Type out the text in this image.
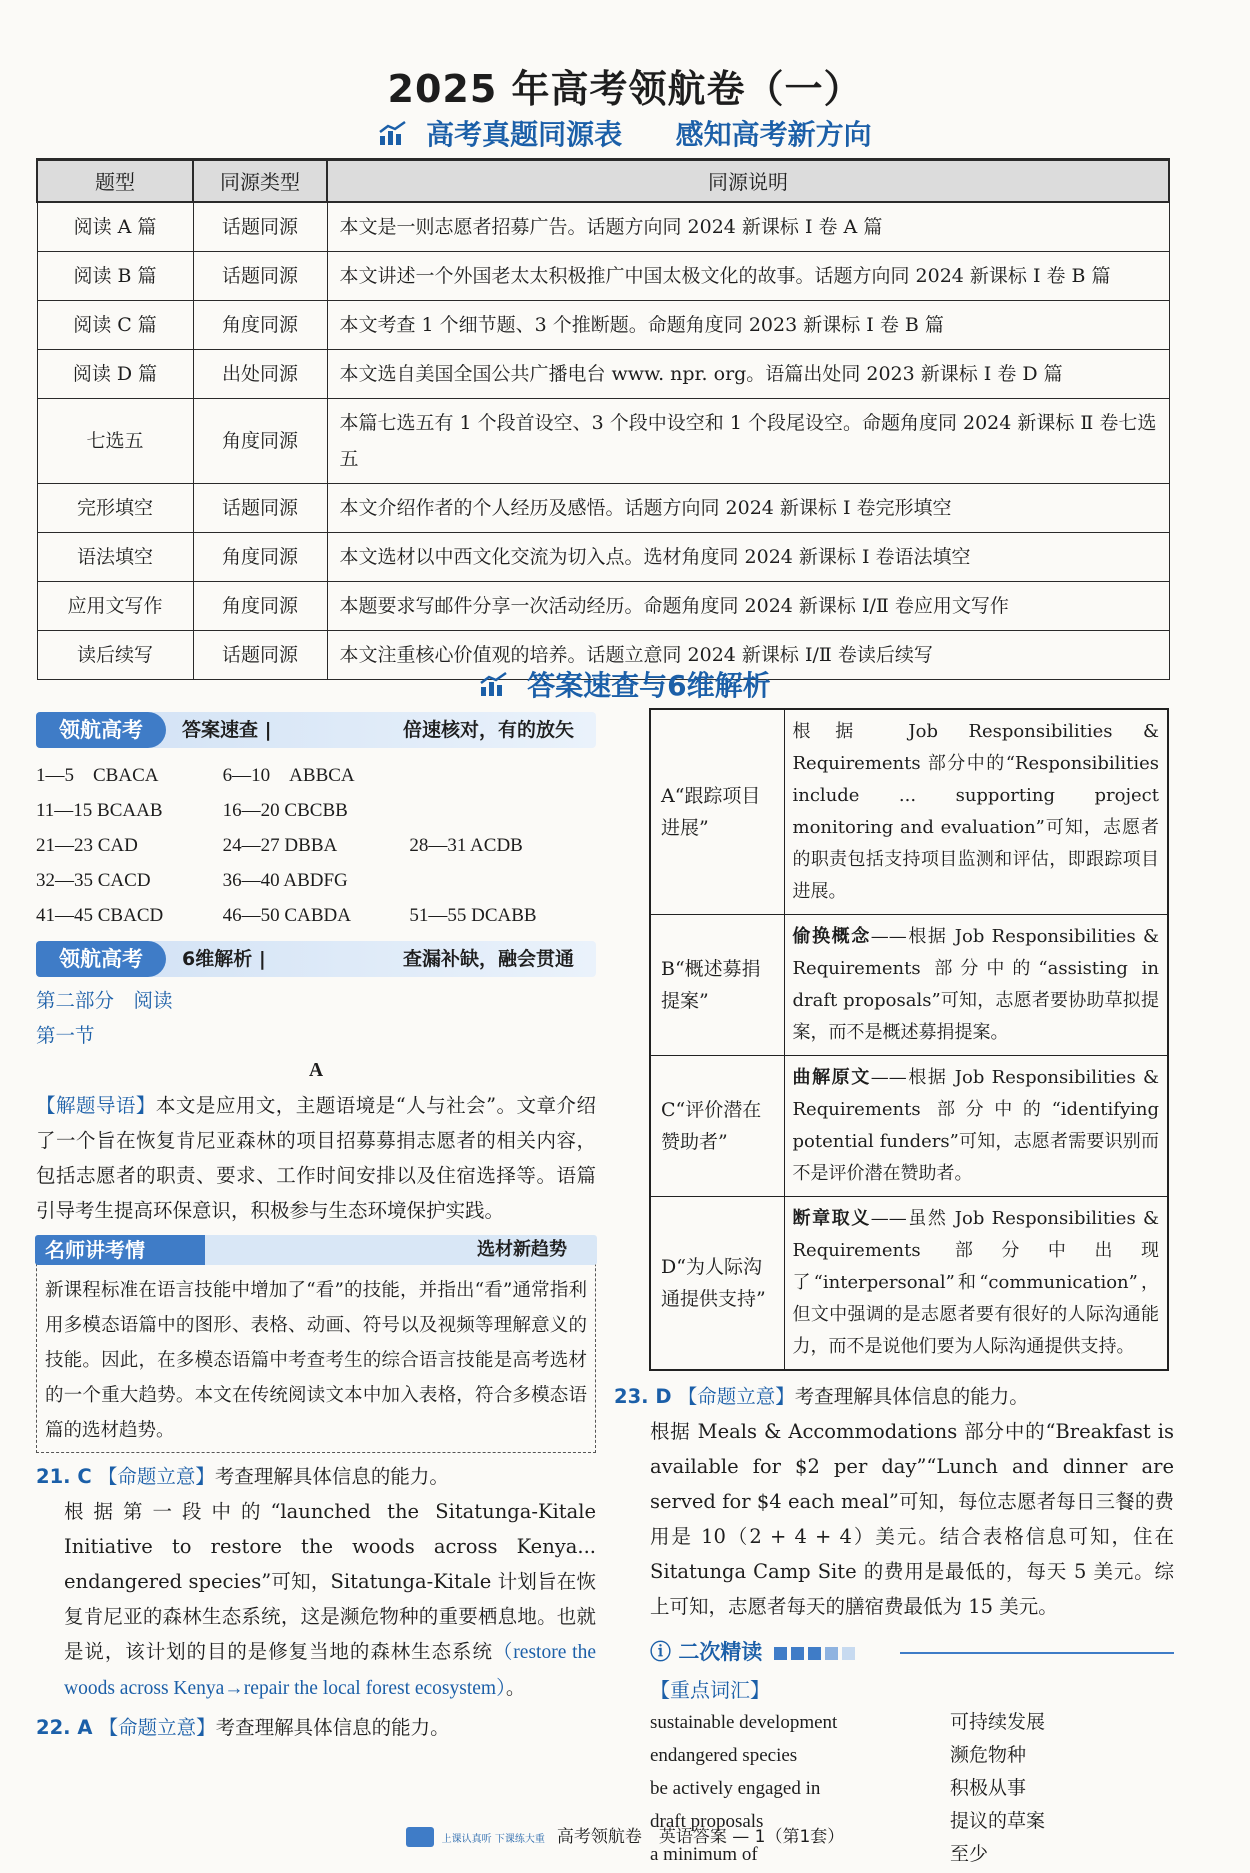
2025 年高考领航卷（一）
高考真题同源表 感知高考新方向
题型	同源类型	同源说明
阅读 A 篇	话题同源	本文是一则志愿者招募广告。话题方向同 2024 新课标 Ⅰ 卷 A 篇
阅读 B 篇	话题同源	本文讲述一个外国老太太积极推广中国太极文化的故事。话题方向同 2024 新课标 Ⅰ 卷 B 篇
阅读 C 篇	角度同源	本文考查 1 个细节题、3 个推断题。命题角度同 2023 新课标 Ⅰ 卷 B 篇
阅读 D 篇	出处同源	本文选自美国全国公共广播电台 www. npr. org。语篇出处同 2023 新课标 Ⅰ 卷 D 篇
七选五	角度同源	本篇七选五有 1 个段首设空、3 个段中设空和 1 个段尾设空。命题角度同 2024 新课标 Ⅱ 卷七选五
完形填空	话题同源	本文介绍作者的个人经历及感悟。话题方向同 2024 新课标 Ⅰ 卷完形填空
语法填空	角度同源	本文选材以中西文化交流为切入点。选材角度同 2024 新课标 Ⅰ 卷语法填空
应用文写作	角度同源	本题要求写邮件分享一次活动经历。命题角度同 2024 新课标 Ⅰ/Ⅱ 卷应用文写作
读后续写	话题同源	本文注重核心价值观的培养。话题立意同 2024 新课标 Ⅰ/Ⅱ 卷读后续写
答案速查与6维解析
领航高考	答案速查 |	倍速核对，有的放矢
1—5　CBACA	6—10　ABBCA
11—15 BCAAB	16—20 CBCBB
21—23 CAD	24—27 DBBA	28—31 ACDB
32—35 CACD	36—40 ABDFG
41—45 CBACD	46—50 CABDA	51—55 DCABB
领航高考	6维解析 |	查漏补缺，融会贯通
第二部分　阅读
第一节
A
【解题导语】本文是应用文，主题语境是“人与社会”。文章介绍了一个旨在恢复肯尼亚森林的项目招募募捐志愿者的相关内容，包括志愿者的职责、要求、工作时间安排以及住宿选择等。语篇引导考生提高环保意识，积极参与生态环境保护实践。
名师讲考情	选材新趋势
新课程标准在语言技能中增加了“看”的技能，并指出“看”通常指利用多模态语篇中的图形、表格、动画、符号以及视频等理解意义的技能。因此，在多模态语篇中考查考生的综合语言技能是高考选材的一个重大趋势。本文在传统阅读文本中加入表格，符合多模态语篇的选材趋势。
21. C 【命题立意】考查理解具体信息的能力。
根据第一段中的“launched the Sitatunga-Kitale Initiative to restore the woods across Kenya... endangered species”可知，Sitatunga-Kitale 计划旨在恢复肯尼亚的森林生态系统，这是濒危物种的重要栖息地。也就是说，该计划的目的是修复当地的森林生态系统（restore the woods across Kenya→repair the local forest ecosystem）。
22. A 【命题立意】考查理解具体信息的能力。
A“跟踪项目进展”	根据 Job Responsibilities & Requirements 部分中的“Responsibilities include ... supporting project monitoring and evaluation”可知，志愿者的职责包括支持项目监测和评估，即跟踪项目进展。
B“概述募捐提案”	偷换概念——根据 Job Responsibilities & Requirements 部分中的“assisting in draft proposals”可知，志愿者要协助草拟提案，而不是概述募捐提案。
C“评价潜在赞助者”	曲解原文——根据 Job Responsibilities & Requirements 部分中的“identifying potential funders”可知，志愿者需要识别而不是评价潜在赞助者。
D“为人际沟通提供支持”	断章取义——虽然 Job Responsibilities & Requirements 部分中出现了“interpersonal”和“communication”，但文中强调的是志愿者要有很好的人际沟通能力，而不是说他们要为人际沟通提供支持。
23. D 【命题立意】考查理解具体信息的能力。
根据 Meals & Accommodations 部分中的“Breakfast is available for $2 per day”“Lunch and dinner are served for $4 each meal”可知，每位志愿者每日三餐的费用是 10（2 + 4 + 4）美元。结合表格信息可知，住在 Sitatunga Camp Site 的费用是最低的，每天 5 美元。综上可知，志愿者每天的膳宿费最低为 15 美元。
ⓘ 二次精读
【重点词汇】
sustainable development	可持续发展
endangered species	濒危物种
be actively engaged in	积极从事
draft proposals	提议的草案
a minimum of	至少
上课认真听 下课练大重 高考领航卷　英语答案 — 1（第1套）
